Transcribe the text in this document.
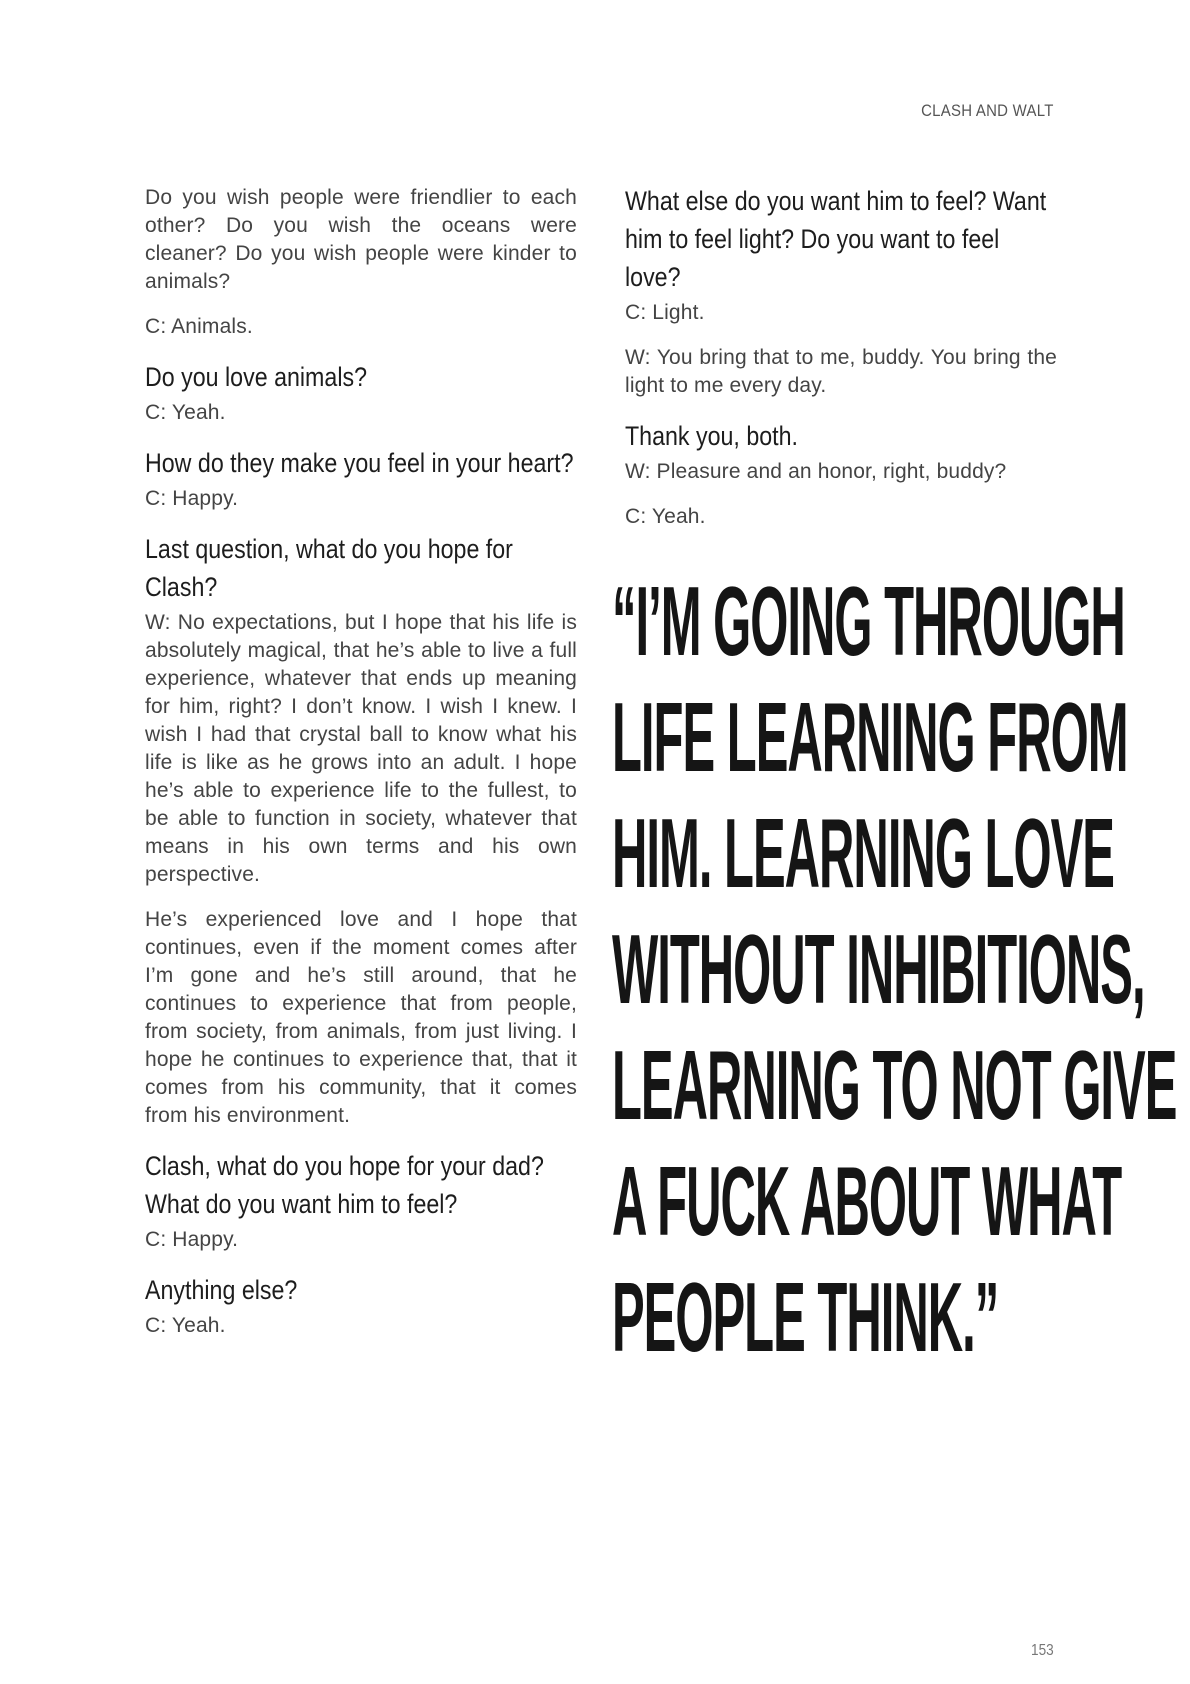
CLASH AND WALT

Do you wish people were friendlier to each other? Do you wish the oceans were cleaner? Do you wish people were kinder to animals?

C: Animals.

Do you love animals?

C: Yeah.

How do they make you feel in your heart?

C: Happy.

Last question, what do you hope for Clash?

W: No expectations, but I hope that his life is absolutely magical, that he’s able to live a full experience, whatever that ends up meaning for him, right? I don’t know. I wish I knew. I wish I had that crystal ball to know what his life is like as he grows into an adult. I hope he’s able to experience life to the fullest, to be able to function in society, whatever that means in his own terms and his own perspective.

He’s experienced love and I hope that continues, even if the moment comes after I’m gone and he’s still around, that he continues to experience that from people, from society, from animals, from just living. I hope he continues to experience that, that it comes from his community, that it comes from his environment.

Clash, what do you hope for your dad? What do you want him to feel?

C: Happy.

Anything else?

C: Yeah.

What else do you want him to feel? Want him to feel light? Do you want to feel love?

C: Light.

W: You bring that to me, buddy. You bring the light to me every day.

Thank you, both.

W: Pleasure and an honor, right, buddy?

C: Yeah.

“I’M GOING THROUGH
LIFE LEARNING FROM
HIM. LEARNING LOVE
WITHOUT INHIBITIONS,
LEARNING TO NOT GIVE
A FUCK ABOUT WHAT
PEOPLE THINK.”
153
